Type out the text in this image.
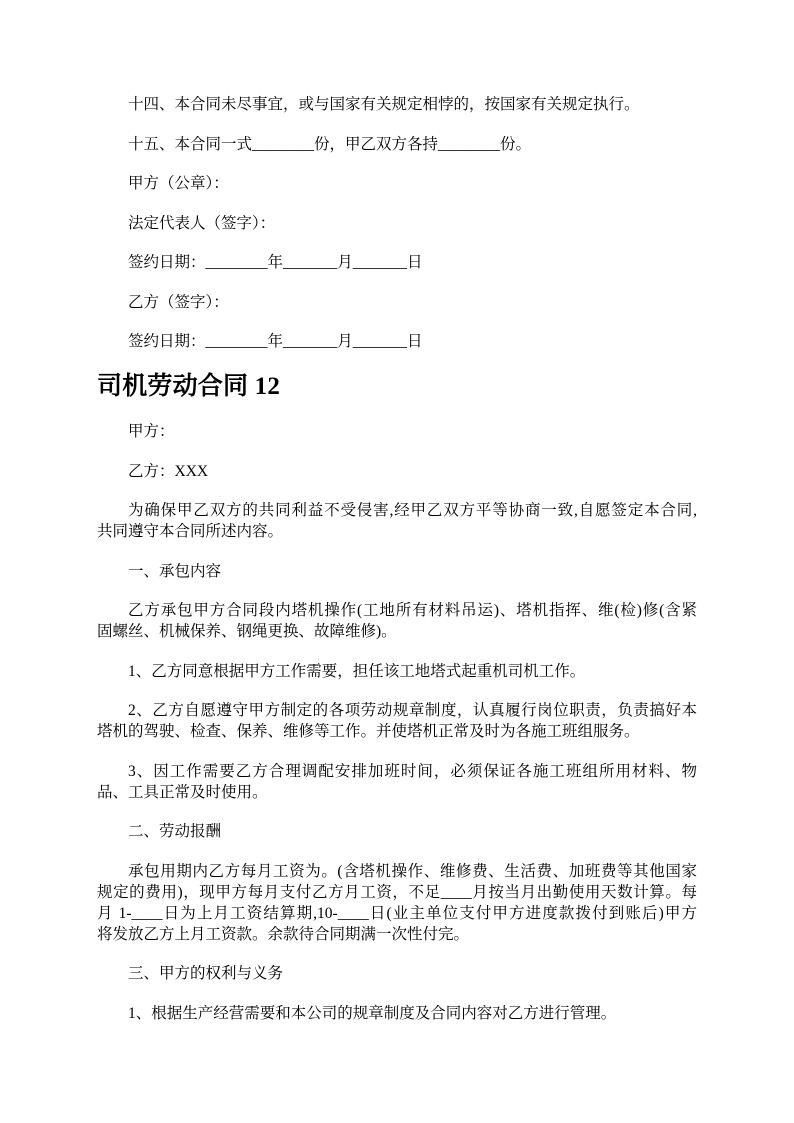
十四、本合同未尽事宜，或与国家有关规定相悖的，按国家有关规定执行。

十五、本合同一式________份，甲乙双方各持________份。

甲方（公章）：

法定代表人（签字）：

签约日期：________年_______月_______日

乙方（签字）：

签约日期：________年_______月_______日

司机劳动合同 12

甲方：

乙方：XXX

为确保甲乙双方的共同利益不受侵害,经甲乙双方平等协商一致,自愿签定本合同,
共同遵守本合同所述内容。

一、承包内容

乙方承包甲方合同段内塔机操作(工地所有材料吊运)、塔机指挥、维(检)修(含紧
固螺丝、机械保养、钢绳更换、故障维修)。

1、乙方同意根据甲方工作需要，担任该工地塔式起重机司机工作。

2、乙方自愿遵守甲方制定的各项劳动规章制度，认真履行岗位职责，负责搞好本
塔机的驾驶、检查、保养、维修等工作。并使塔机正常及时为各施工班组服务。
3、因工作需要乙方合理调配安排加班时间，必须保证各施工班组所用材料、物
品、工具正常及时使用。

二、劳动报酬

承包用期内乙方每月工资为。(含塔机操作、维修费、生活费、加班费等其他国家
规定的费用)，现甲方每月支付乙方月工资，不足____月按当月出勤使用天数计算。每
月 1-____日为上月工资结算期,10-____日(业主单位支付甲方进度款拨付到账后)甲方
将发放乙方上月工资款。余款待合同期满一次性付完。

三、甲方的权利与义务

1、根据生产经营需要和本公司的规章制度及合同内容对乙方进行管理。
